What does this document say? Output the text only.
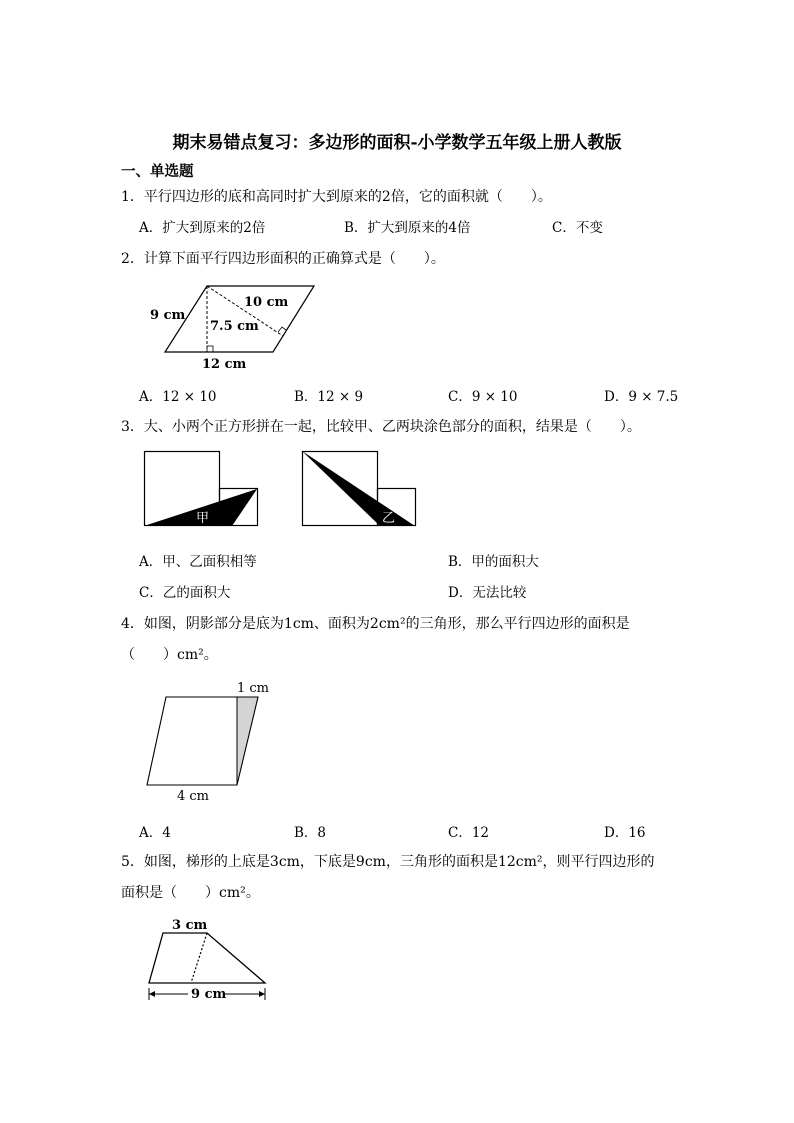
期末易错点复习：多边形的面积-小学数学五年级上册人教版
一、单选题
1．平行四边形的底和高同时扩大到原来的2倍，它的面积就（　　）。
A．扩大到原来的2倍	B．扩大到原来的4倍	C．不变
2．计算下面平行四边形面积的正确算式是（　　）。
9 cm
10 cm
7.5 cm
12 cm
A．12 × 10	B．12 × 9	C．9 × 10	D．9 × 7.5
3．大、小两个正方形拼在一起，比较甲、乙两块涂色部分的面积，结果是（　　）。
甲	乙
A．甲、乙面积相等	B．甲的面积大
C．乙的面积大	D．无法比较
4．如图，阴影部分是底为1cm、面积为2cm²的三角形，那么平行四边形的面积是
（　　）cm²。
1 cm
4 cm
A．4	B．8	C．12	D．16
5．如图，梯形的上底是3cm，下底是9cm，三角形的面积是12cm²，则平行四边形的
面积是（　　）cm²。
3 cm
9 cm
